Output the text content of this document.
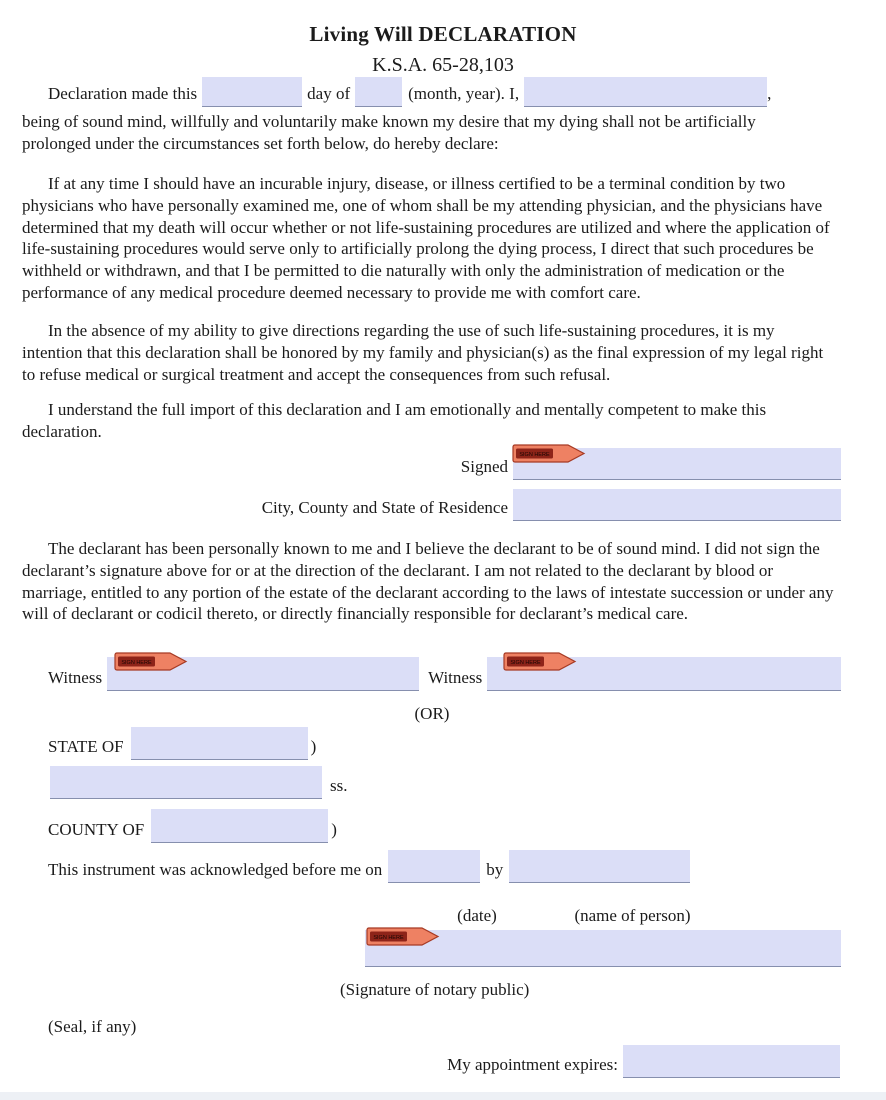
Living Will DECLARATION
K.S.A. 65-28,103
Declaration made this	day of	(month, year). I,	,

being of sound mind, willfully and voluntarily make known my desire that my dying shall not be artificially prolonged under the circumstances set forth below, do hereby declare:

If at any time I should have an incurable injury, disease, or illness certified to be a terminal condition by two physicians who have personally examined me, one of whom shall be my attending physician, and the physicians have determined that my death will occur whether or not life-sustaining procedures are utilized and where the application of life-sustaining procedures would serve only to artificially prolong the dying process, I direct that such procedures be withheld or withdrawn, and that I be permitted to die naturally with only the administration of medication or the performance of any medical procedure deemed necessary to provide me with comfort care.

In the absence of my ability to give directions regarding the use of such life-sustaining procedures, it is my intention that this declaration shall be honored by my family and physician(s) as the final expression of my legal right to refuse medical or surgical treatment and accept the consequences from such refusal.

I understand the full import of this declaration and I am emotionally and mentally competent to make this declaration.

Signed
SIGN HERE
City, County and State of Residence

The declarant has been personally known to me and I believe the declarant to be of sound mind. I did not sign the declarant’s signature above for or at the direction of the declarant. I am not related to the declarant by blood or marriage, entitled to any portion of the estate of the declarant according to the laws of intestate succession or under any will of declarant or codicil thereto, or directly financially responsible for declarant’s medical care.

Witness	Witness
SIGN HERE	SIGN HERE
(OR)
STATE OF	)
ss.
COUNTY OF	)
This instrument was acknowledged before me on	by
(date)	(name of person)
SIGN HERE
(Signature of notary public)
(Seal, if any)
My appointment expires:
